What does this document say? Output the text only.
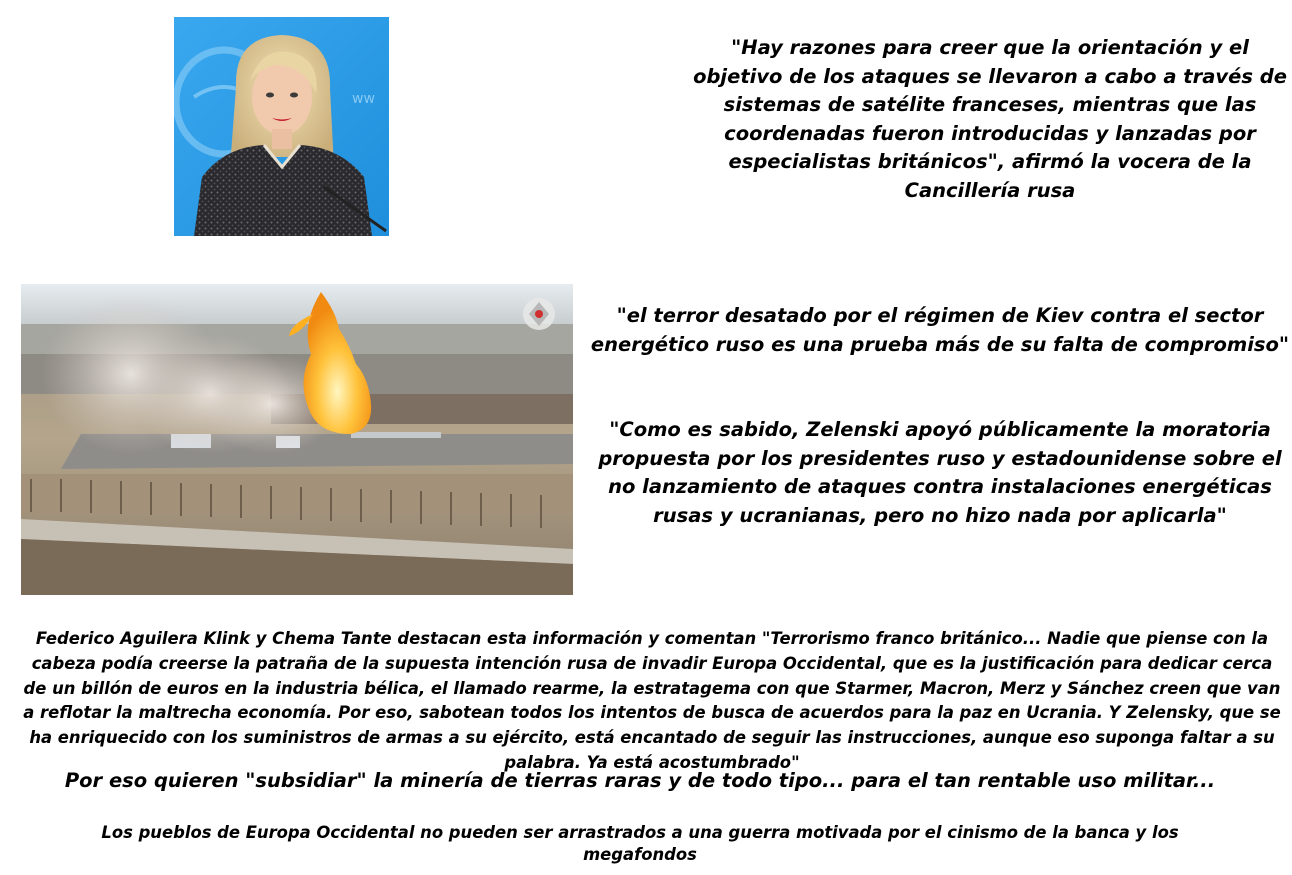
ww

"Hay razones para creer que la orientación y el objetivo de los ataques se llevaron a cabo a través de sistemas de satélite franceses, mientras que las coordenadas fueron introducidas y lanzadas por especialistas británicos", afirmó la vocera de la Cancillería rusa

"el terror desatado por el régimen de Kiev contra el sector energético ruso es una prueba más de su falta de compromiso"

"Como es sabido, Zelenski apoyó públicamente la moratoria propuesta por los presidentes ruso y estadounidense sobre el no lanzamiento de ataques contra instalaciones energéticas rusas y ucranianas, pero no hizo nada por aplicarla"

Federico Aguilera Klink y Chema Tante destacan esta información y comentan "Terrorismo franco británico... Nadie que piense con la cabeza podía creerse la patraña de la supuesta intención rusa de invadir Europa Occidental, que es la justificación para dedicar cerca de un billón de euros en la industria bélica, el llamado rearme, la estratagema con que Starmer, Macron, Merz y Sánchez creen que van a reflotar la maltrecha economía. Por eso, sabotean todos los intentos de busca de acuerdos para la paz en Ucrania. Y Zelensky, que se ha enriquecido con los suministros de armas a su ejército, está encantado de seguir las instrucciones, aunque eso suponga faltar a su palabra. Ya está acostumbrado"

Por eso quieren "subsidiar" la minería de tierras raras y de todo tipo... para el tan rentable uso militar...

Los pueblos de Europa Occidental no pueden ser arrastrados a una guerra motivada por el cinismo de la banca y los megafondos
